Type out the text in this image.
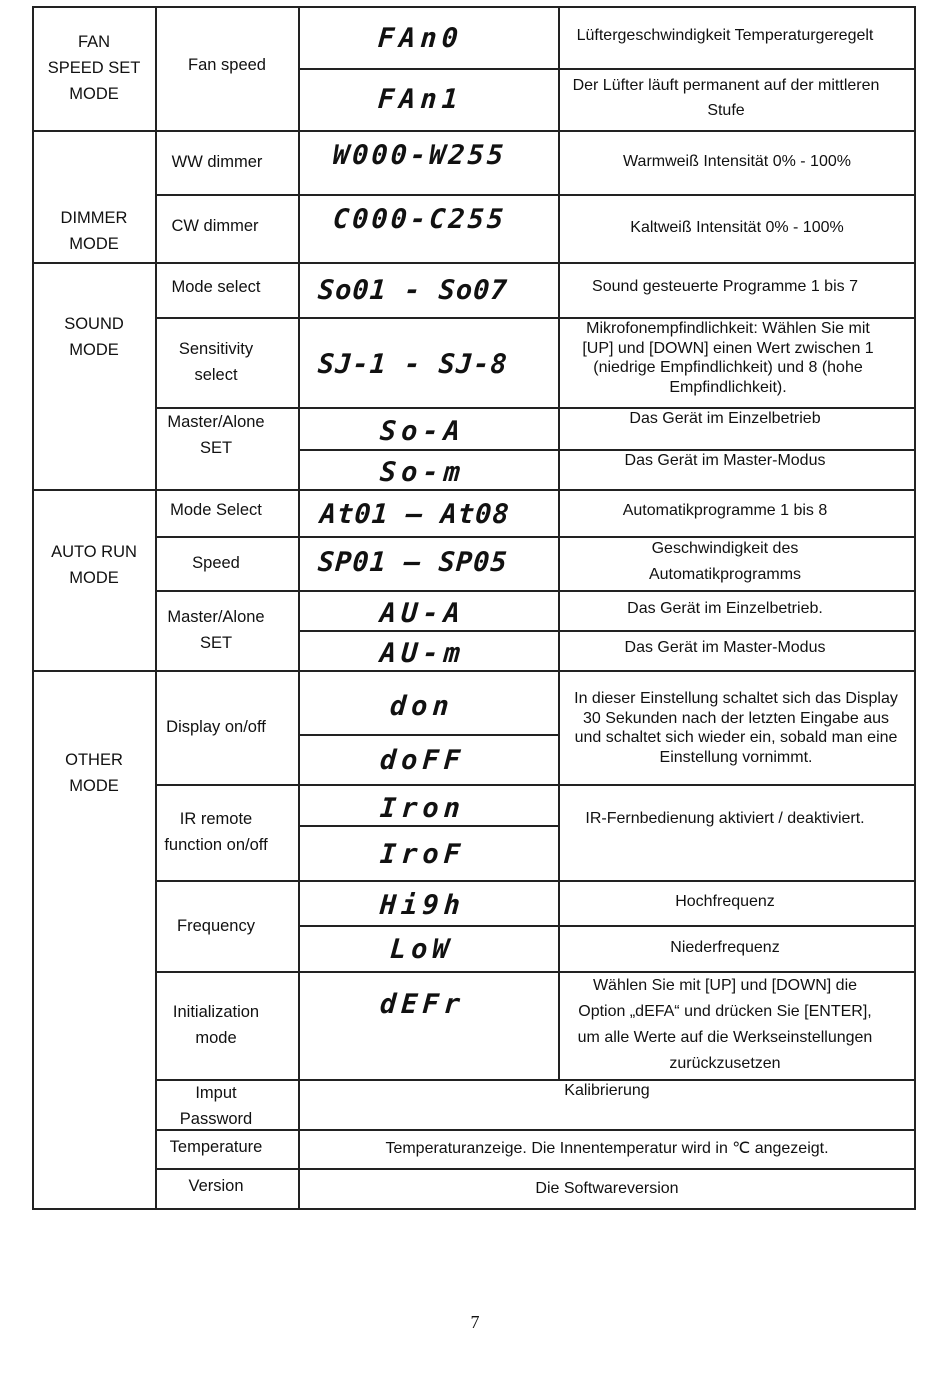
FAN
SPEED SET
MODE
DIMMER
MODE
SOUND
MODE
AUTO RUN
MODE
OTHER
MODE
Fan speed
WW dimmer
CW dimmer
Mode select
Sensitivity
select
Master/Alone
SET
Mode Select
Speed
Master/Alone
SET
Display on/off
IR remote
function on/off
Frequency
Initialization
mode
Imput
Password
Temperature
Version
FAn0
FAn1
W000-W255
C000-C255
So01 - So07
SJ-1 - SJ-8
So-A
So-m
At01 — At08
SP01 — SP05
AU-A
AU-m
don
doFF
Iron
IroF
Hi9h
LoW
dEFr
Lüftergeschwindigkeit Temperaturgeregelt
Der Lüfter läuft permanent auf der mittleren
Stufe
Warmweiß Intensität 0% - 100%
Kaltweiß Intensität 0% - 100%
Sound gesteuerte Programme 1 bis 7
Mikrofonempfindlichkeit: Wählen Sie mit
[UP] und [DOWN] einen Wert zwischen 1
(niedrige Empfindlichkeit) und 8 (hohe
Empfindlichkeit).
Das Gerät im Einzelbetrieb
Das Gerät im Master-Modus
Automatikprogramme 1 bis 8
Geschwindigkeit des
Automatikprogramms
Das Gerät im Einzelbetrieb.
Das Gerät im Master-Modus
In dieser Einstellung schaltet sich das Display
30 Sekunden nach der letzten Eingabe aus
und schaltet sich wieder ein, sobald man eine
Einstellung vornimmt.
IR-Fernbedienung aktiviert / deaktiviert.
Hochfrequenz
Niederfrequenz
Wählen Sie mit [UP] und [DOWN] die
Option „dEFA“ und drücken Sie [ENTER],
um alle Werte auf die Werkseinstellungen
zurückzusetzen
Kalibrierung
Temperaturanzeige. Die Innentemperatur wird in ℃ angezeigt.
Die Softwareversion
7
